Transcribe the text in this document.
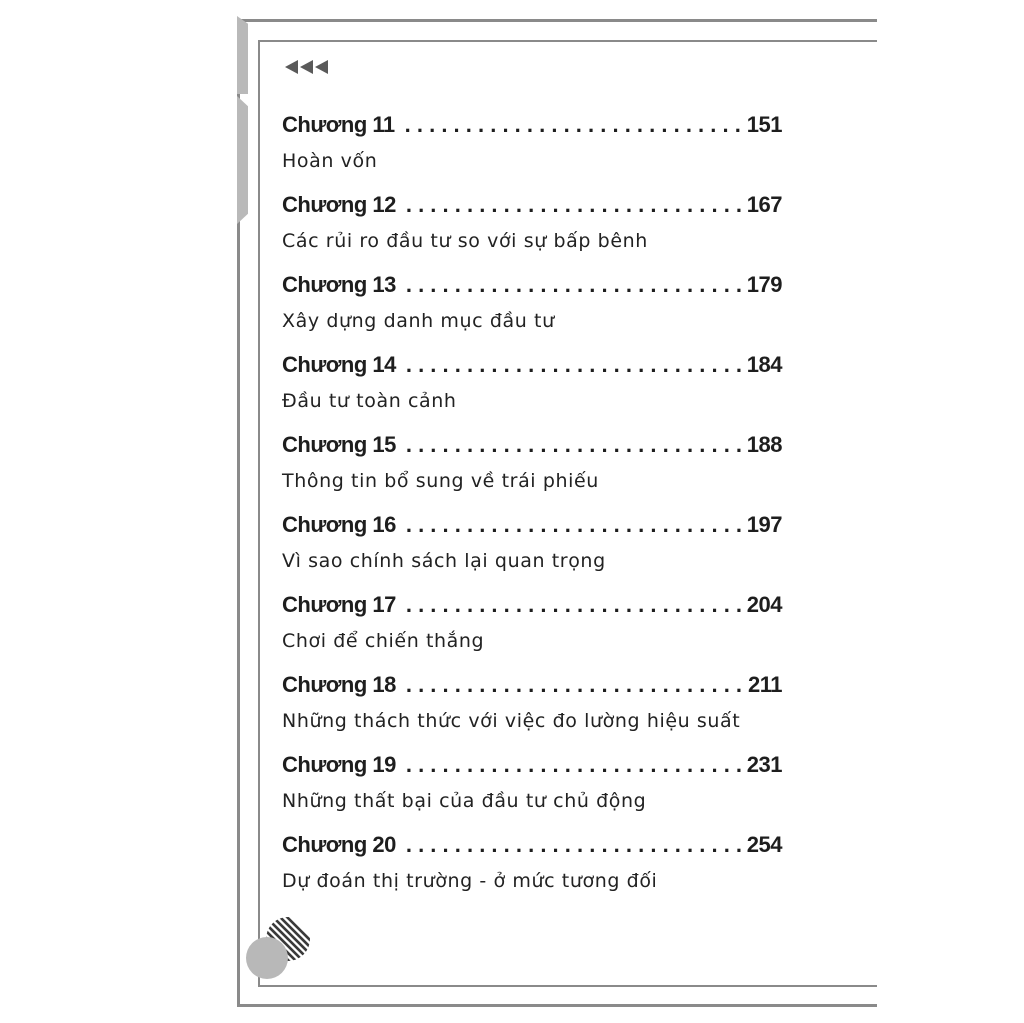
Chương 11 . . .	151
Hoàn vốn
Chương 12 . . .	167
Các rủi ro đầu tư so với sự bấp bênh
Chương 13 . . .	179
Xây dựng danh mục đầu tư
Chương 14 . . .	184
Đầu tư toàn cảnh
Chương 15 . . .	188
Thông tin bổ sung về trái phiếu
Chương 16 . . .	197
Vì sao chính sách lại quan trọng
Chương 17 . . .	204
Chơi để chiến thắng
Chương 18 . . .	211
Những thách thức với việc đo lường hiệu suất
Chương 19 . . .	231
Những thất bại của đầu tư chủ động
Chương 20 . . .	254
Dự đoán thị trường - ở mức tương đối
